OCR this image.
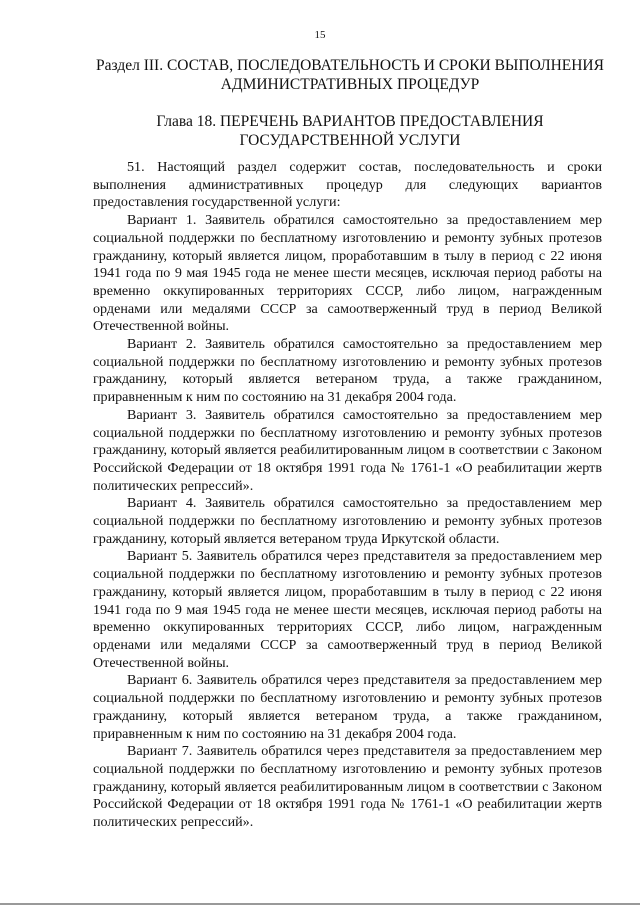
15
Раздел III. СОСТАВ, ПОСЛЕДОВАТЕЛЬНОСТЬ И СРОКИ ВЫПОЛНЕНИЯ АДМИНИСТРАТИВНЫХ ПРОЦЕДУР
Глава 18. ПЕРЕЧЕНЬ ВАРИАНТОВ ПРЕДОСТАВЛЕНИЯ ГОСУДАРСТВЕННОЙ УСЛУГИ

51. Настоящий раздел содержит состав, последовательность и сроки выполнения административных процедур для следующих вариантов предоставления государственной услуги:

Вариант 1. Заявитель обратился самостоятельно за предоставлением мер социальной поддержки по бесплатному изготовлению и ремонту зубных протезов гражданину, который является лицом, проработавшим в тылу в период с 22 июня 1941 года по 9 мая 1945 года не менее шести месяцев, исключая период работы на временно оккупированных территориях СССР, либо лицом, награжденным орденами или медалями СССР за самоотверженный труд в период Великой Отечественной войны.

Вариант 2. Заявитель обратился самостоятельно за предоставлением мер социальной поддержки по бесплатному изготовлению и ремонту зубных протезов гражданину, который является ветераном труда, а также гражданином, приравненным к ним по состоянию на 31 декабря 2004 года.

Вариант 3. Заявитель обратился самостоятельно за предоставлением мер социальной поддержки по бесплатному изготовлению и ремонту зубных протезов гражданину, который является реабилитированным лицом в соответствии с Законом Российской Федерации от 18 октября 1991 года № 1761-1 «О реабилитации жертв политических репрессий».

Вариант 4. Заявитель обратился самостоятельно за предоставлением мер социальной поддержки по бесплатному изготовлению и ремонту зубных протезов гражданину, который является ветераном труда Иркутской области.

Вариант 5. Заявитель обратился через представителя за предоставлением мер социальной поддержки по бесплатному изготовлению и ремонту зубных протезов гражданину, который является лицом, проработавшим в тылу в период с 22 июня 1941 года по 9 мая 1945 года не менее шести месяцев, исключая период работы на временно оккупированных территориях СССР, либо лицом, награжденным орденами или медалями СССР за самоотверженный труд в период Великой Отечественной войны.

Вариант 6. Заявитель обратился через представителя за предоставлением мер социальной поддержки по бесплатному изготовлению и ремонту зубных протезов гражданину, который является ветераном труда, а также гражданином, приравненным к ним по состоянию на 31 декабря 2004 года.

Вариант 7. Заявитель обратился через представителя за предоставлением мер социальной поддержки по бесплатному изготовлению и ремонту зубных протезов гражданину, который является реабилитированным лицом в соответствии с Законом Российской Федерации от 18 октября 1991 года № 1761-1 «О реабилитации жертв политических репрессий».
